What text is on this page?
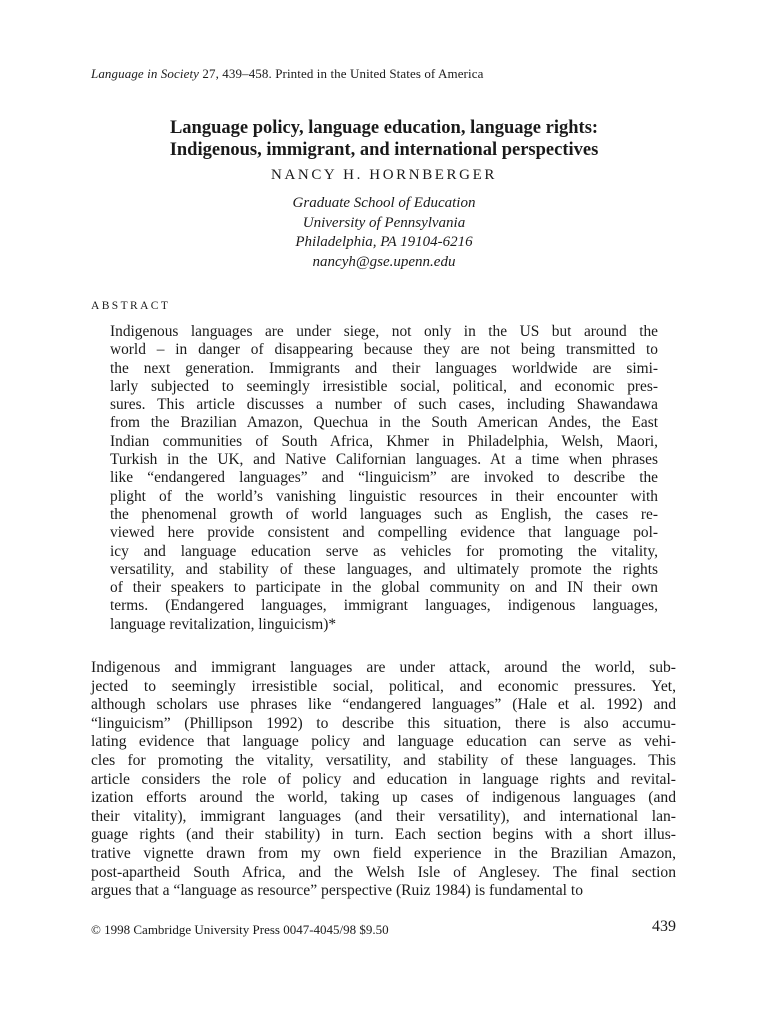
Language in Society 27, 439–458. Printed in the United States of America
Language policy, language education, language rights:
Indigenous, immigrant, and international perspectives
NANCY H. HORNBERGER
Graduate School of Education
University of Pennsylvania
Philadelphia, PA 19104-6216
nancyh@gse.upenn.edu
ABSTRACT
Indigenous languages are under siege, not only in the US but around the
world – in danger of disappearing because they are not being transmitted to
the next generation. Immigrants and their languages worldwide are simi-
larly subjected to seemingly irresistible social, political, and economic pres-
sures. This article discusses a number of such cases, including Shawandawa
from the Brazilian Amazon, Quechua in the South American Andes, the East
Indian communities of South Africa, Khmer in Philadelphia, Welsh, Maori,
Turkish in the UK, and Native Californian languages. At a time when phrases
like “endangered languages” and “linguicism” are invoked to describe the
plight of the world’s vanishing linguistic resources in their encounter with
the phenomenal growth of world languages such as English, the cases re-
viewed here provide consistent and compelling evidence that language pol-
icy and language education serve as vehicles for promoting the vitality,
versatility, and stability of these languages, and ultimately promote the rights
of their speakers to participate in the global community on and IN their own
terms. (Endangered languages, immigrant languages, indigenous languages,
language revitalization, linguicism)*
Indigenous and immigrant languages are under attack, around the world, sub-
jected to seemingly irresistible social, political, and economic pressures. Yet,
although scholars use phrases like “endangered languages” (Hale et al. 1992) and
“linguicism” (Phillipson 1992) to describe this situation, there is also accumu-
lating evidence that language policy and language education can serve as vehi-
cles for promoting the vitality, versatility, and stability of these languages. This
article considers the role of policy and education in language rights and revital-
ization efforts around the world, taking up cases of indigenous languages (and
their vitality), immigrant languages (and their versatility), and international lan-
guage rights (and their stability) in turn. Each section begins with a short illus-
trative vignette drawn from my own field experience in the Brazilian Amazon,
post-apartheid South Africa, and the Welsh Isle of Anglesey. The final section
argues that a “language as resource” perspective (Ruiz 1984) is fundamental to
© 1998 Cambridge University Press 0047-4045/98 $9.50	439
